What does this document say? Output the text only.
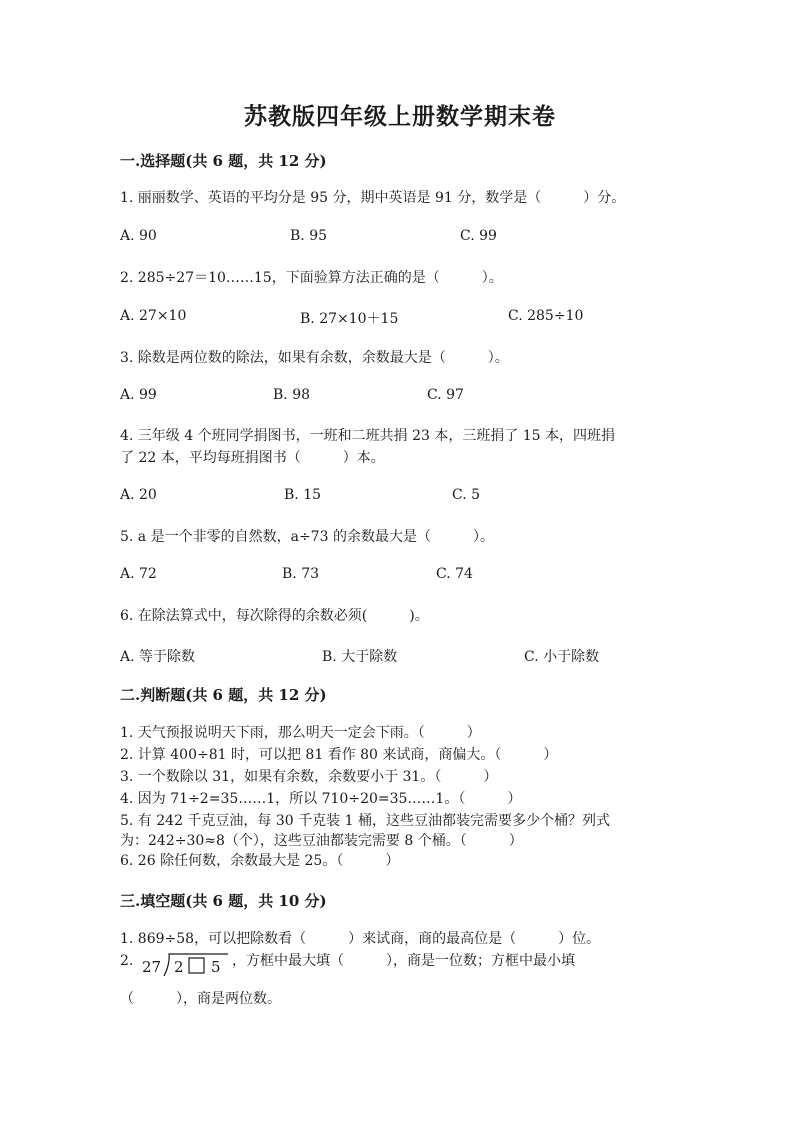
苏教版四年级上册数学期末卷
一.选择题(共 6 题，共 12 分)
1. 丽丽数学、英语的平均分是 95 分，期中英语是 91 分，数学是（　　　）分。
A. 90	B. 95	C. 99
2. 285÷27＝10……15，下面验算方法正确的是（　　　）。
A. 27×10	B. 27×10＋15	C. 285÷10
3. 除数是两位数的除法，如果有余数，余数最大是（　　　）。
A. 99	B. 98	C. 97
4. 三年级 4 个班同学捐图书，一班和二班共捐 23 本，三班捐了 15 本，四班捐
了 22 本，平均每班捐图书（　　　）本。
A. 20	B. 15	C. 5
5. a 是一个非零的自然数，a÷73 的余数最大是（　　　）。
A. 72	B. 73	C. 74
6. 在除法算式中，每次除得的余数必须(　　　)。
A. 等于除数	B. 大于除数	C. 小于除数
二.判断题(共 6 题，共 12 分)
1. 天气预报说明天下雨，那么明天一定会下雨。（　　　）
2. 计算 400÷81 时，可以把 81 看作 80 来试商，商偏大。（　　　）
3. 一个数除以 31，如果有余数，余数要小于 31。（　　　）
4. 因为 71÷2=35……1，所以 710÷20=35……1。（　　　）
5. 有 242 千克豆油，每 30 千克装 1 桶，这些豆油都装完需要多少个桶？列式
为：242÷30≈8（个），这些豆油都装完需要 8 个桶。（　　　）
6. 26 除任何数，余数最大是 25。（　　　）
三.填空题(共 6 题，共 10 分)
1. 869÷58，可以把除数看（　　　）来试商，商的最高位是（　　　）位。
2. 27 2 5 ，方框中最大填（　　　），商是一位数；方框中最小填
（　　　），商是两位数。
